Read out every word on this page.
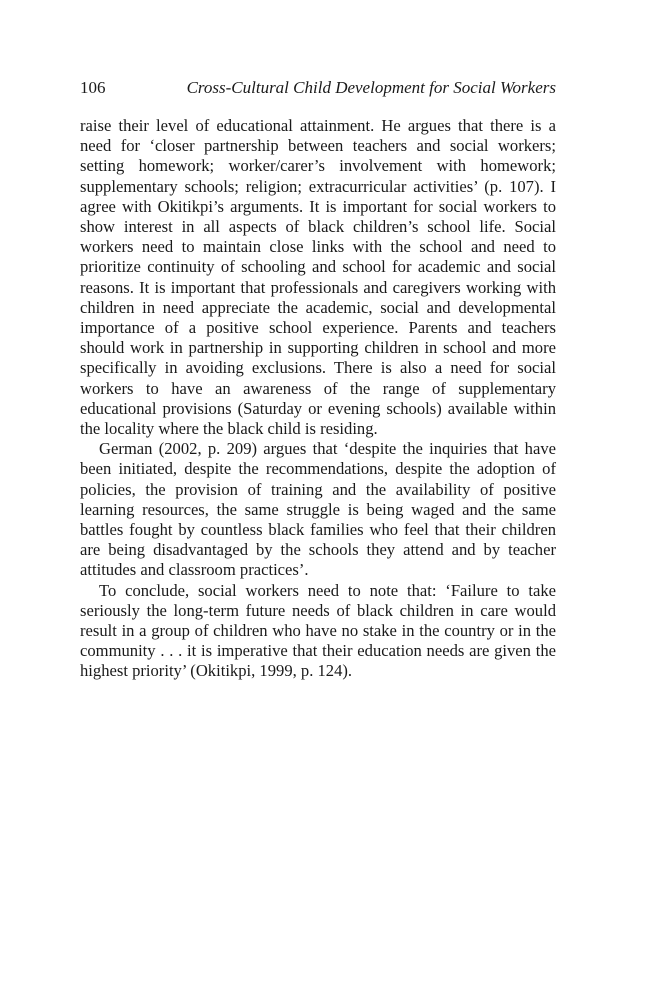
106	Cross-Cultural Child Development for Social Workers

raise their level of educational attainment. He argues that there is a need for ‘closer partnership between teachers and social workers; setting homework; worker/carer’s involvement with homework; supplementary schools; religion; extracurricular activities’ (p. 107). I agree with Okitikpi’s arguments. It is important for social workers to show interest in all aspects of black children’s school life. Social workers need to maintain close links with the school and need to prioritize continuity of schooling and school for academic and social reasons. It is important that professionals and caregivers working with children in need appreciate the academic, social and developmental importance of a positive school experience. Parents and teachers should work in partnership in supporting children in school and more specifically in avoiding exclusions. There is also a need for social workers to have an awareness of the range of supplementary educational provisions (Saturday or evening schools) available within the locality where the black child is residing.

German (2002, p. 209) argues that ‘despite the inquiries that have been initiated, despite the recommendations, despite the adoption of policies, the provision of training and the availability of positive learning resources, the same struggle is being waged and the same battles fought by countless black families who feel that their children are being disadvantaged by the schools they attend and by teacher attitudes and classroom practices’.

To conclude, social workers need to note that: ‘Failure to take seriously the long-term future needs of black children in care would result in a group of children who have no stake in the country or in the community . . . it is imperative that their education needs are given the highest priority’ (Okitikpi, 1999, p. 124).
